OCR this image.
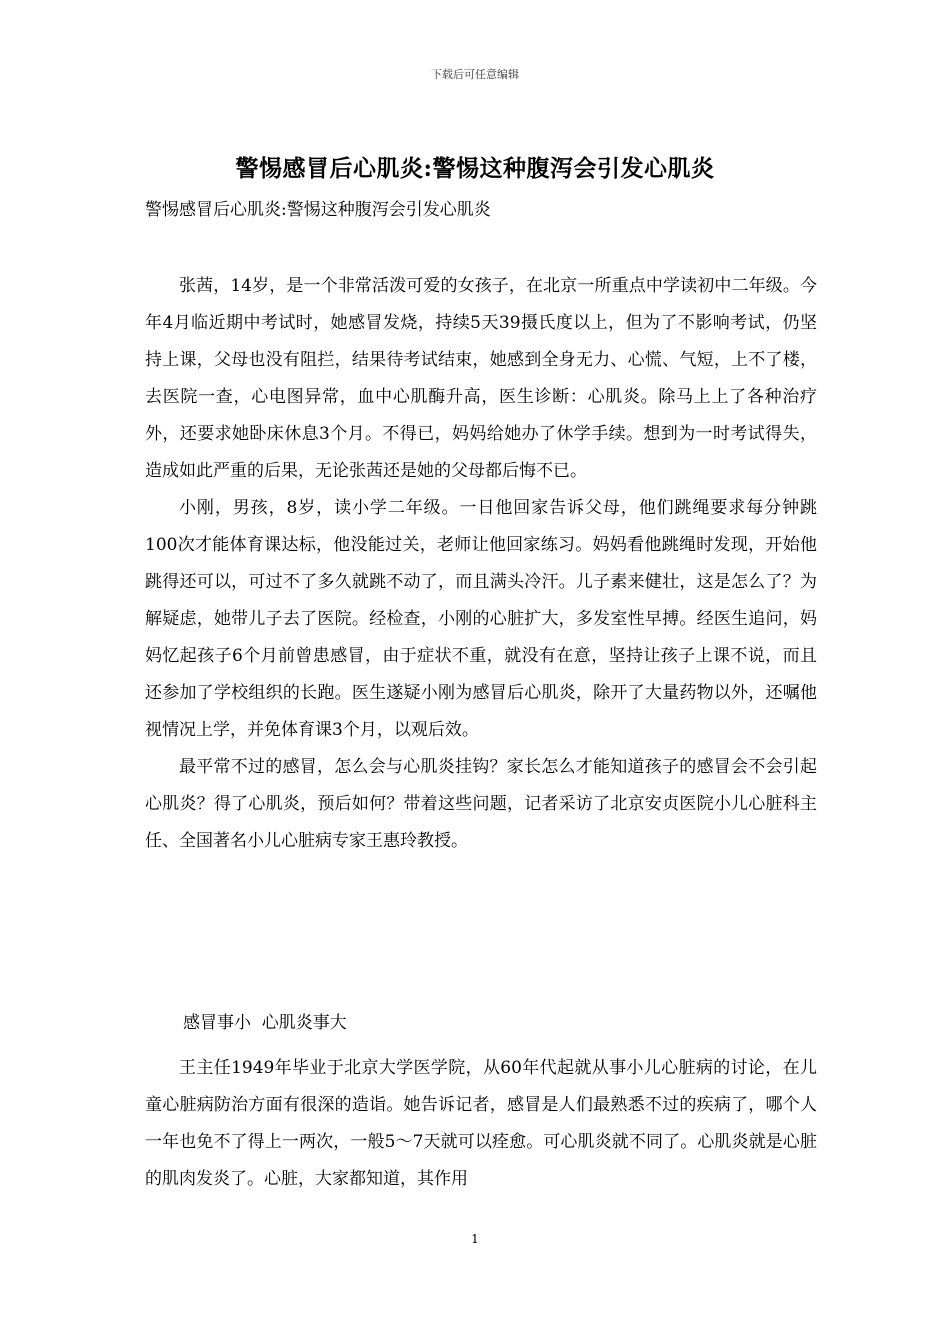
下载后可任意编辑
警惕感冒后心肌炎:警惕这种腹泻会引发心肌炎
警惕感冒后心肌炎:警惕这种腹泻会引发心肌炎

张茜，14岁，是一个非常活泼可爱的女孩子，在北京一所重点中学读初中二年级。今年4月临近期中考试时，她感冒发烧，持续5天39摄氏度以上，但为了不影响考试，仍坚持上课，父母也没有阻拦，结果待考试结束，她感到全身无力、心慌、气短，上不了楼，去医院一查，心电图异常，血中心肌酶升高，医生诊断：心肌炎。除马上上了各种治疗外，还要求她卧床休息3个月。不得已，妈妈给她办了休学手续。想到为一时考试得失，造成如此严重的后果，无论张茜还是她的父母都后悔不已。

小刚，男孩，8岁，读小学二年级。一日他回家告诉父母，他们跳绳要求每分钟跳100次才能体育课达标，他没能过关，老师让他回家练习。妈妈看他跳绳时发现，开始他跳得还可以，可过不了多久就跳不动了，而且满头冷汗。儿子素来健壮，这是怎么了？为解疑虑，她带儿子去了医院。经检查，小刚的心脏扩大，多发室性早搏。经医生追问，妈妈忆起孩子6个月前曾患感冒，由于症状不重，就没有在意，坚持让孩子上课不说，而且还参加了学校组织的长跑。医生遂疑小刚为感冒后心肌炎，除开了大量药物以外，还嘱他视情况上学，并免体育课3个月，以观后效。

最平常不过的感冒，怎么会与心肌炎挂钩？家长怎么才能知道孩子的感冒会不会引起心肌炎？得了心肌炎，预后如何？带着这些问题，记者采访了北京安贞医院小儿心脏科主任、全国著名小儿心脏病专家王惠玲教授。

感冒事小  心肌炎事大

王主任1949年毕业于北京大学医学院，从60年代起就从事小儿心脏病的讨论，在儿童心脏病防治方面有很深的造诣。她告诉记者，感冒是人们最熟悉不过的疾病了，哪个人一年也免不了得上一两次，一般5～7天就可以痊愈。可心肌炎就不同了。心肌炎就是心脏的肌肉发炎了。心脏，大家都知道，其作用

1
